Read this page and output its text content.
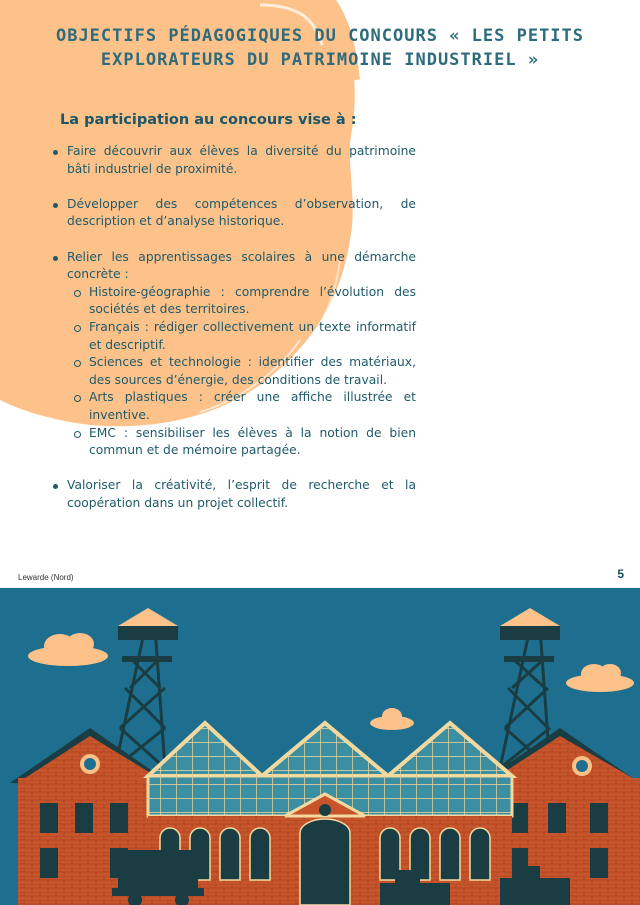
OBJECTIFS PÉDAGOGIQUES DU CONCOURS « LES PETITS EXPLORATEURS DU PATRIMOINE INDUSTRIEL »
La participation au concours vise à :
Faire découvrir aux élèves la diversité du patrimoine bâti industriel de proximité.
Développer des compétences d’observation, de description et d’analyse historique.
Relier les apprentissages scolaires à une démarche concrète :
Histoire-géographie : comprendre l’évolution des sociétés et des territoires.
Français : rédiger collectivement un texte informatif et descriptif.
Sciences et technologie : identifier des matériaux, des sources d’énergie, des conditions de travail.
Arts plastiques : créer une affiche illustrée et inventive.
EMC : sensibiliser les élèves à la notion de bien commun et de mémoire partagée.
Valoriser la créativité, l’esprit de recherche et la coopération dans un projet collectif.

Lewarde (Nord)	5
